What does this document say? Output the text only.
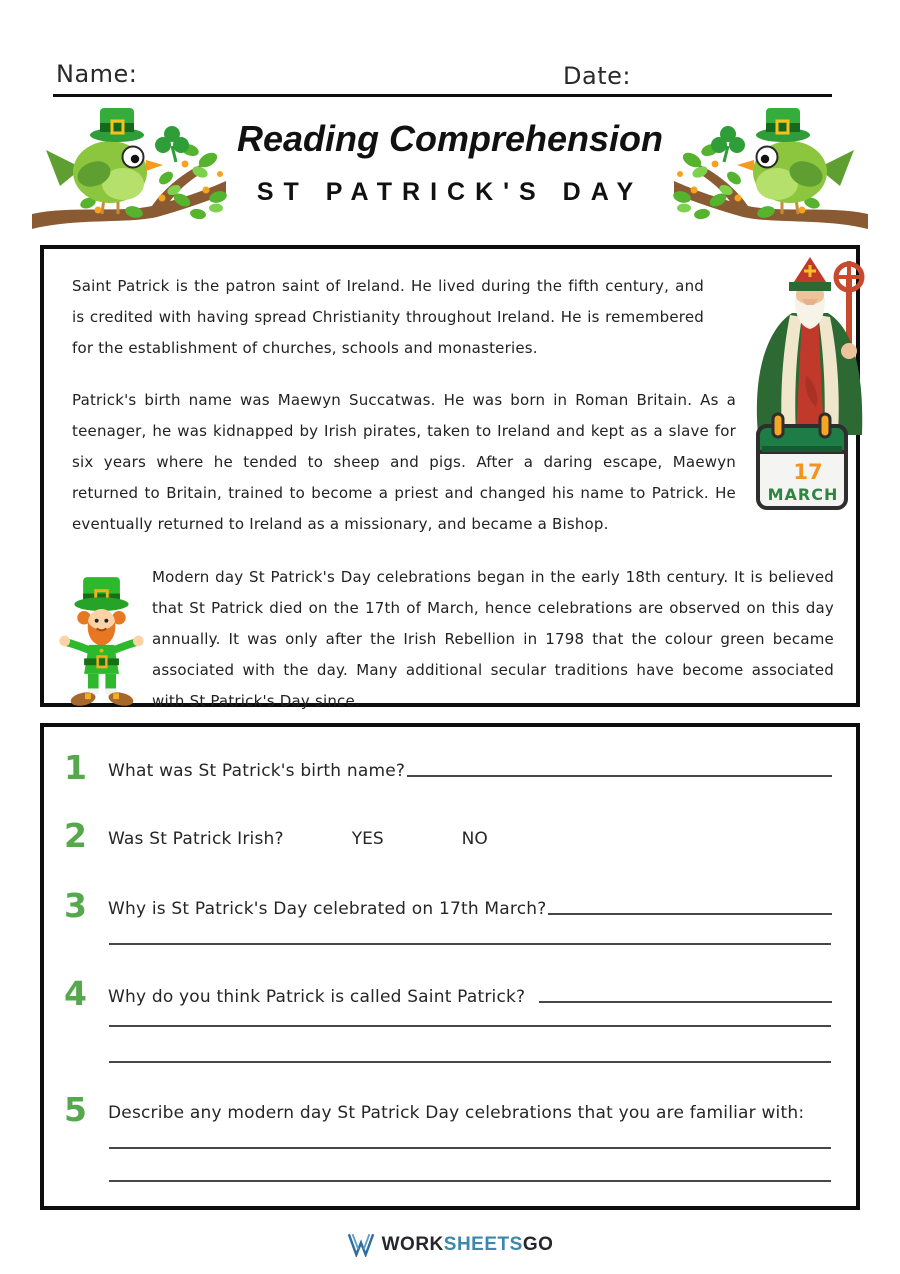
Name:	Date:
Reading Comprehension
ST PATRICK'S DAY

Saint Patrick is the patron saint of Ireland. He lived during the fifth century, and is credited with having spread Christianity throughout Ireland. He is remembered for the establishment of churches, schools and monasteries.

Patrick's birth name was Maewyn Succatwas. He was born in Roman Britain. As a teenager, he was kidnapped by Irish pirates, taken to Ireland and kept as a slave for six years where he tended to sheep and pigs. After a daring escape, Maewyn returned to Britain, trained to become a priest and changed his name to Patrick. He eventually returned to Ireland as a missionary, and became a Bishop.

Modern day St Patrick's Day celebrations began in the early 18th century. It is believed that St Patrick died on the 17th of March, hence celebrations are observed on this day annually. It was only after the Irish Rebellion in 1798 that the colour green became associated with the day. Many additional secular traditions have become associated with St Patrick's Day since.

17
MARCH
1	What was St Patrick's birth name?
2	Was St Patrick Irish?	YES	NO
3	Why is St Patrick's Day celebrated on 17th March?
4	Why do you think Patrick is called Saint Patrick?
5	Describe any modern day St Patrick Day celebrations that you are familiar with:
WORK SHEETS GO
